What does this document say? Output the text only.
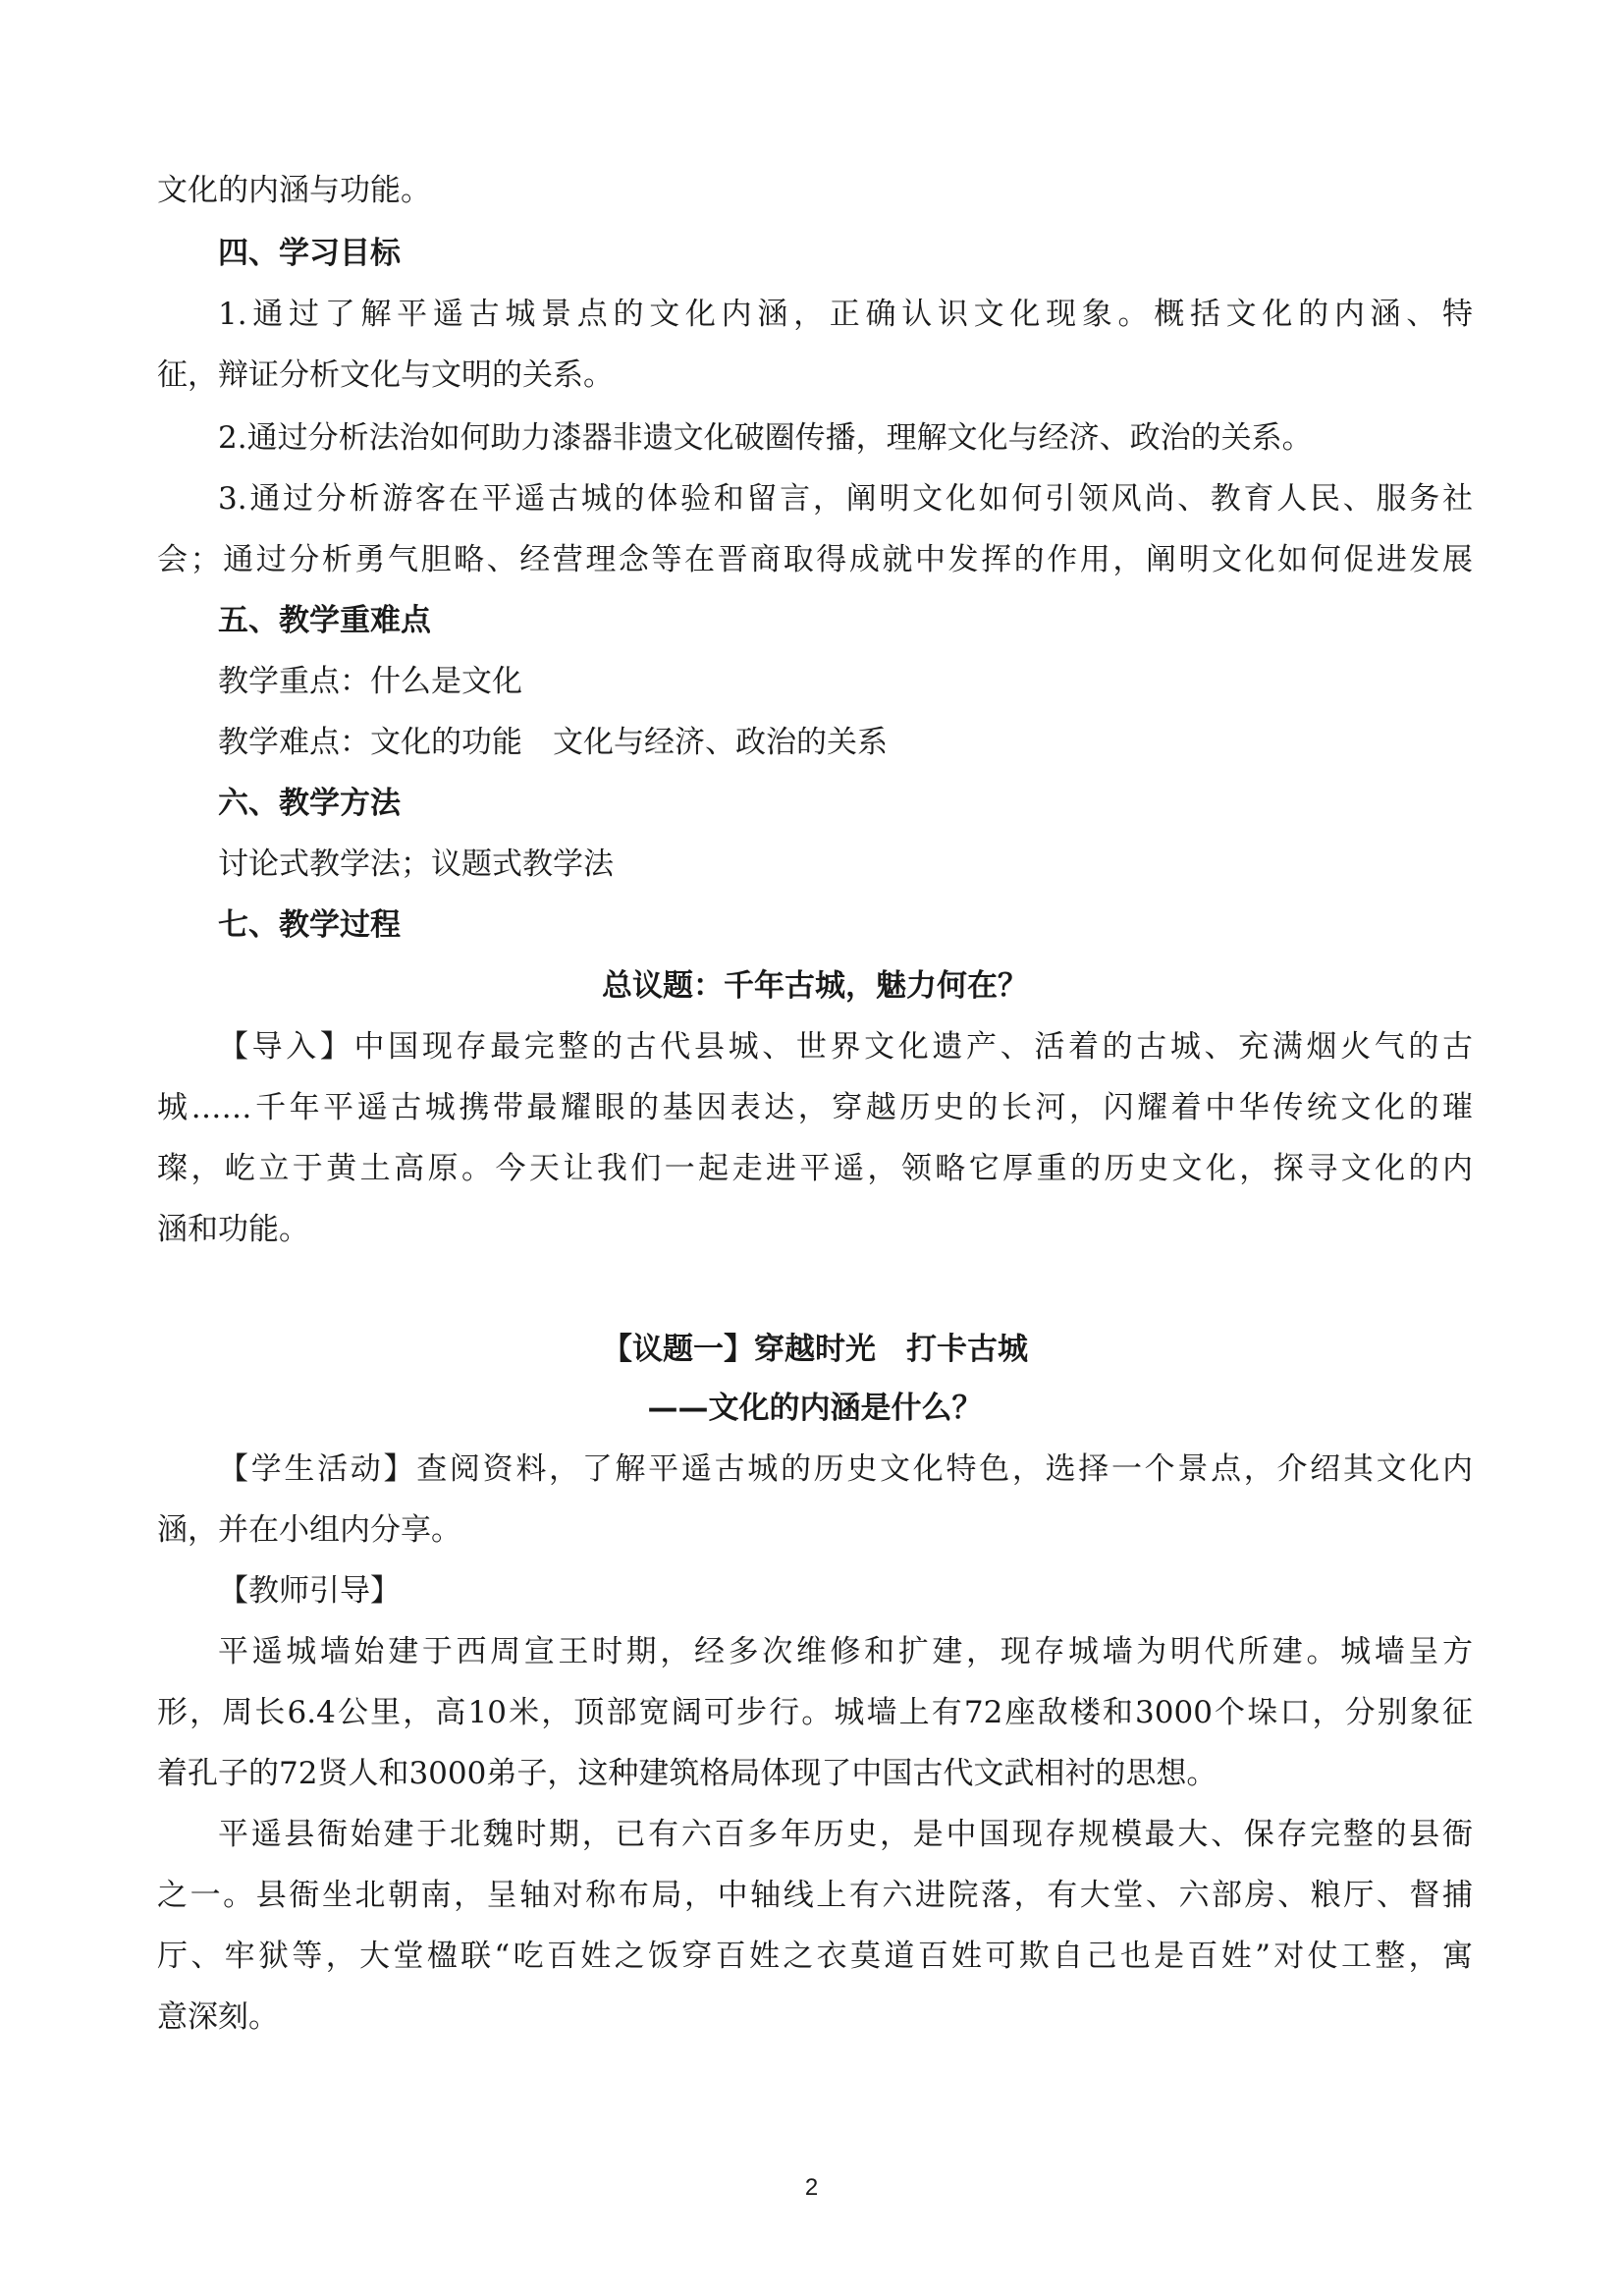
文化的内涵与功能。
四、学习目标
1.通过了解平遥古城景点的文化内涵，正确认识文化现象。概括文化的内涵、特
征，辩证分析文化与文明的关系。
2.通过分析法治如何助力漆器非遗文化破圈传播，理解文化与经济、政治的关系。
3.通过分析游客在平遥古城的体验和留言，阐明文化如何引领风尚、教育人民、服务社
会；通过分析勇气胆略、经营理念等在晋商取得成就中发挥的作用，阐明文化如何促进发展
五、教学重难点
教学重点：什么是文化
教学难点：文化的功能　文化与经济、政治的关系
六、教学方法
讨论式教学法；议题式教学法
七、教学过程
总议题：千年古城，魅力何在？
【导入】中国现存最完整的古代县城、世界文化遗产、活着的古城、充满烟火气的古
城……千年平遥古城携带最耀眼的基因表达，穿越历史的长河，闪耀着中华传统文化的璀
璨，屹立于黄土高原。今天让我们一起走进平遥，领略它厚重的历史文化，探寻文化的内
涵和功能。
【议题一】穿越时光　打卡古城
——文化的内涵是什么？
【学生活动】查阅资料，了解平遥古城的历史文化特色，选择一个景点，介绍其文化内
涵，并在小组内分享。
【教师引导】
平遥城墙始建于西周宣王时期，经多次维修和扩建，现存城墙为明代所建。城墙呈方
形，周长6.4公里，高10米，顶部宽阔可步行。城墙上有72座敌楼和3000个垛口，分别象征
着孔子的72贤人和3000弟子，这种建筑格局体现了中国古代文武相衬的思想。
平遥县衙始建于北魏时期，已有六百多年历史，是中国现存规模最大、保存完整的县衙
之一。县衙坐北朝南，呈轴对称布局，中轴线上有六进院落，有大堂、六部房、粮厅、督捕
厅、牢狱等，大堂楹联“吃百姓之饭穿百姓之衣莫道百姓可欺自己也是百姓”对仗工整，寓
意深刻。
2
